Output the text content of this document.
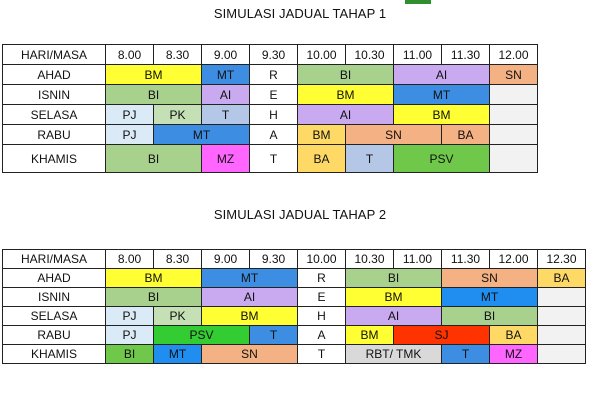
SIMULASI JADUAL TAHAP 1
HARI/MASA	8.00	8.30	9.00	9.30	10.00	10.30	11.00	11.30	12.00
AHAD	BM		MT	R	BI		AI		SN
ISNIN	BI		AI	E	BM		MT		
SELASA	PJ	PK	T	H	AI		BM		
RABU	PJ	MT		A	BM	SN		BA	
KHAMIS	BI		MZ	T	BA	T	PSV		
SIMULASI JADUAL TAHAP 2
HARI/MASA	8.00	8.30	9.00	9.30	10.00	10.30	11.00	11.30	12.00	12.30
AHAD	BM		MT		R	BI		SN		BA
ISNIN	BI		AI		E	BM		MT		
SELASA	PJ	PK	BM		H	AI		BI		
RABU	PJ	PSV		T	A	BM	SJ		BA	
KHAMIS	BI	MT	SN		T	RBT/ TMK		T	MZ	
